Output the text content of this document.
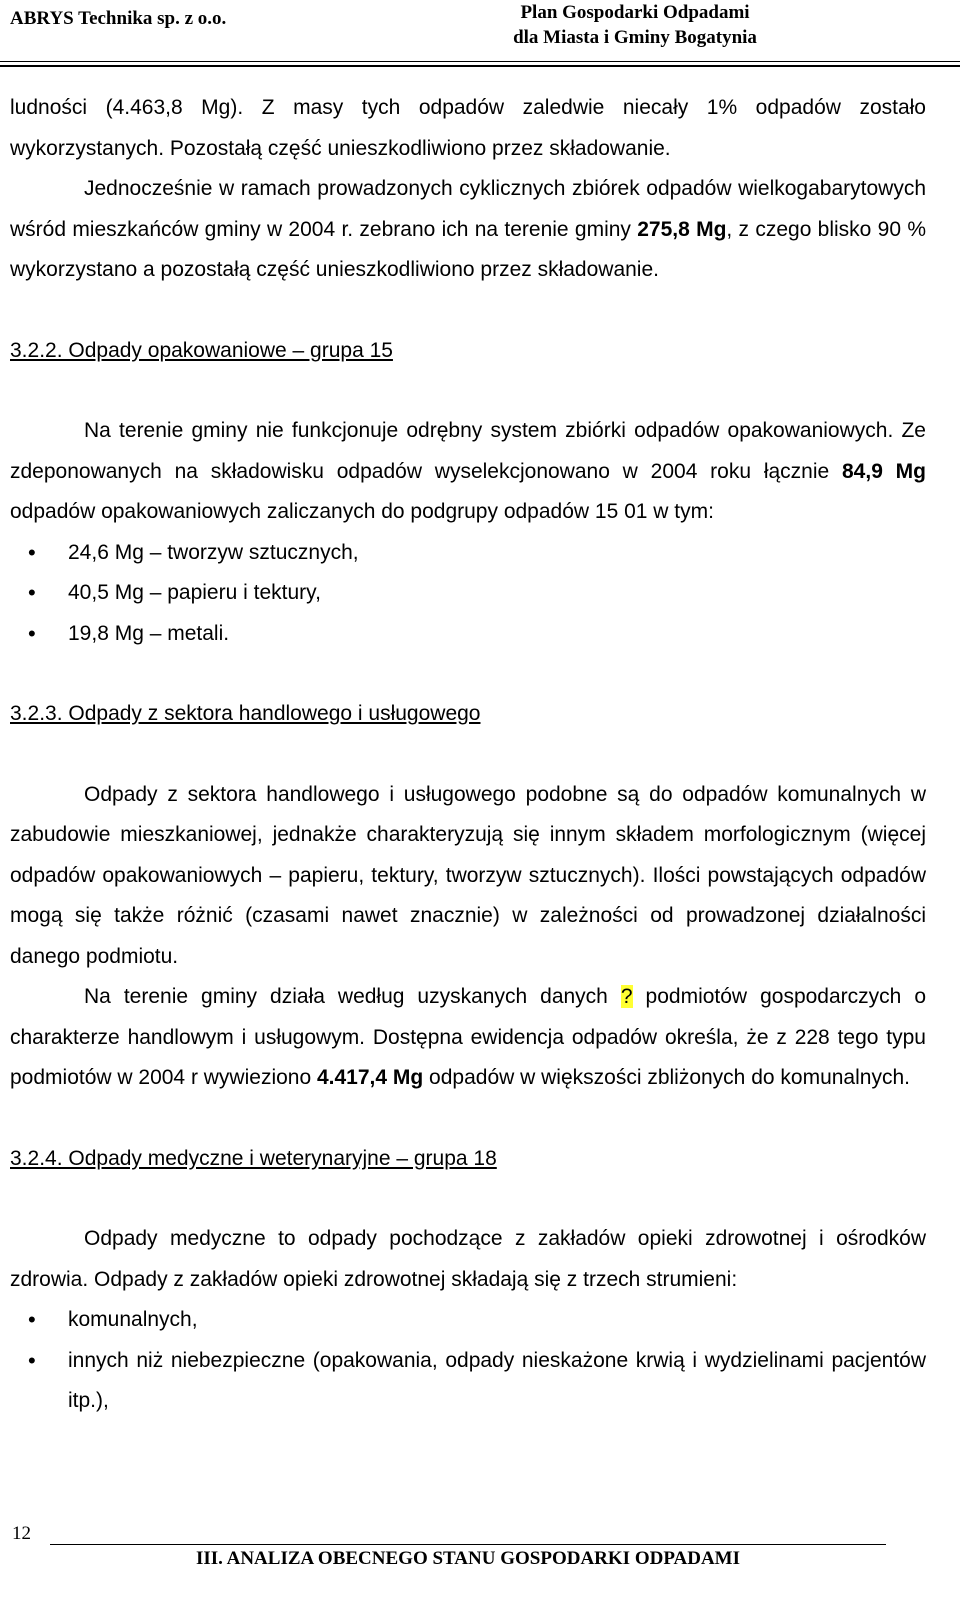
ABRYS Technika sp. z o.o.	Plan Gospodarki Odpadami
dla Miasta i Gminy Bogatynia

ludności (4.463,8 Mg). Z masy tych odpadów zaledwie niecały 1% odpadów zostało wykorzystanych. Pozostałą część unieszkodliwiono przez składowanie.

Jednocześnie w ramach prowadzonych cyklicznych zbiórek odpadów wielkogabarytowych wśród mieszkańców gminy w 2004 r. zebrano ich na terenie gminy 275,8 Mg, z czego blisko 90 % wykorzystano a pozostałą część unieszkodliwiono przez składowanie.

3.2.2. Odpady opakowaniowe – grupa 15

Na terenie gminy nie funkcjonuje odrębny system zbiórki odpadów opakowaniowych. Ze zdeponowanych na składowisku odpadów wyselekcjonowano w 2004 roku łącznie 84,9 Mg odpadów opakowaniowych zaliczanych do podgrupy odpadów 15 01 w tym:

• 24,6 Mg – tworzyw sztucznych,
• 40,5 Mg – papieru i tektury,
• 19,8 Mg – metali.

3.2.3. Odpady z sektora handlowego i usługowego

Odpady z sektora handlowego i usługowego podobne są do odpadów komunalnych w zabudowie mieszkaniowej, jednakże charakteryzują się innym składem morfologicznym (więcej odpadów opakowaniowych – papieru, tektury, tworzyw sztucznych). Ilości powstających odpadów mogą się także różnić (czasami nawet znacznie) w zależności od prowadzonej działalności danego podmiotu.

Na terenie gminy działa według uzyskanych danych ? podmiotów gospodarczych o charakterze handlowym i usługowym. Dostępna ewidencja odpadów określa, że z 228 tego typu podmiotów w 2004 r wywieziono 4.417,4 Mg odpadów w większości zbliżonych do komunalnych.

3.2.4. Odpady medyczne i weterynaryjne – grupa 18

Odpady medyczne to odpady pochodzące z zakładów opieki zdrowotnej i ośrodków zdrowia. Odpady z zakładów opieki zdrowotnej składają się z trzech strumieni:

• komunalnych,
• innych niż niebezpieczne (opakowania, odpady nieskażone krwią i wydzielinami pacjentów itp.),
12
III. ANALIZA OBECNEGO STANU GOSPODARKI ODPADAMI
